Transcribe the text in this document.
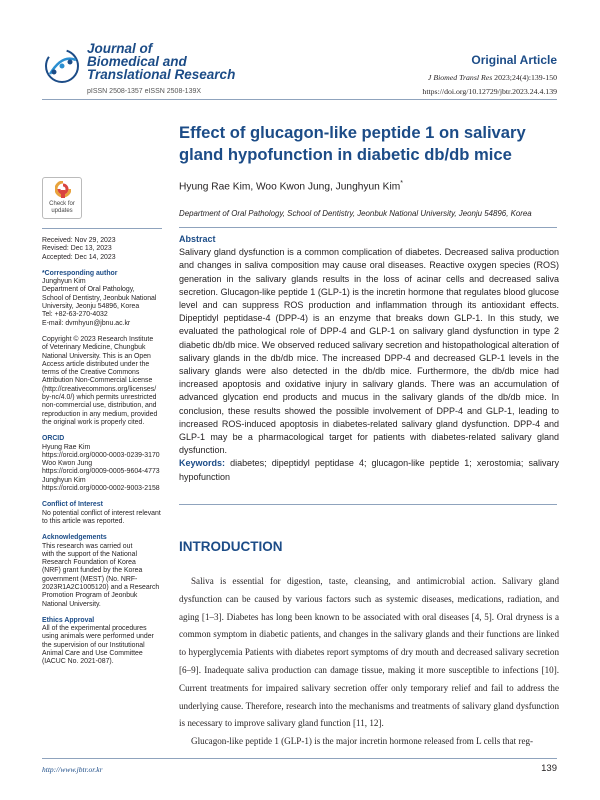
Journal of
Biomedical and
Translational Research
pISSN 2508-1357 eISSN 2508-139X
Original Article
J Biomed Transl Res 2023;24(4):139-150
https://doi.org/10.12729/jbtr.2023.24.4.139
Effect of glucagon-like peptide 1 on salivary gland hypofunction in diabetic db/db mice
Hyung Rae Kim, Woo Kwon Jung, Junghyun Kim*
Department of Oral Pathology, School of Dentistry, Jeonbuk National University, Jeonju 54896, Korea
Check for
updates
Received: Nov 29, 2023
Revised: Dec 13, 2023
Accepted: Dec 14, 2023
*Corresponding author
Junghyun Kim
Department of Oral Pathology,
School of Dentistry, Jeonbuk National
University, Jeonju 54896, Korea
Tel: +82-63-270-4032
E-mail: dvmhyun@jbnu.ac.kr
Copyright © 2023 Research Institute
of Veterinary Medicine, Chungbuk
National University. This is an Open
Access article distributed under the
terms of the Creative Commons
Attribution Non-Commercial License
(http://creativecommons.org/licenses/
by-nc/4.0/) which permits unrestricted
non-commercial use, distribution, and
reproduction in any medium, provided
the original work is properly cited.
ORCID
Hyung Rae Kim
https://orcid.org/0000-0003-0239-3170
Woo Kwon Jung
https://orcid.org/0009-0005-9604-4773
Junghyun Kim
https://orcid.org/0000-0002-9003-2158
Conflict of Interest
No potential conflict of interest relevant
to this article was reported.
Acknowledgements
This research was carried out
with the support of the National
Research Foundation of Korea
(NRF) grant funded by the Korea
government (MEST) (No. NRF-
2023R1A2C1005120) and a Research
Promotion Program of Jeonbuk
National University.
Ethics Approval
All of the experimental procedures
using animals were performed under
the supervision of our Institutional
Animal Care and Use Committee
(IACUC No. 2021-087).
Abstract
Salivary gland dysfunction is a common complication of diabetes. Decreased saliva production and changes in saliva composition may cause oral diseases. Reactive oxygen species (ROS) generation in the salivary glands results in the loss of acinar cells and decreased saliva secretion. Glucagon-like peptide 1 (GLP-1) is the incretin hormone that regulates blood glucose level and can suppress ROS production and inflammation through its antioxidant effects. Dipeptidyl peptidase-4 (DPP-4) is an enzyme that breaks down GLP-1. In this study, we evaluated the pathological role of DPP-4 and GLP-1 on salivary gland dysfunction in type 2 diabetic db/db mice. We observed reduced salivary secretion and histopathological alteration of salivary glands in the db/db mice. The increased DPP-4 and decreased GLP-1 levels in the salivary glands were also detected in the db/db mice. Furthermore, the db/db mice had increased apoptosis and oxidative injury in salivary glands. There was an accumulation of advanced glycation end products and mucus in the salivary glands of the db/db mice. In conclusion, these results showed the possible involvement of DPP-4 and GLP-1, leading to increased ROS-induced apoptosis in diabetes-related salivary gland dysfunction. DPP-4 and GLP-1 may be a pharmacological target for patients with diabetes-related salivary gland dysfunction.
Keywords: diabetes; dipeptidyl peptidase 4; glucagon-like peptide 1; xerostomia; salivary hypofunction
INTRODUCTION

Saliva is essential for digestion, taste, cleansing, and antimicrobial action. Salivary gland dysfunction can be caused by various factors such as systemic diseases, medications, radiation, and aging [1–3]. Diabetes has long been known to be associated with oral diseases [4, 5]. Oral dryness is a common symptom in diabetic patients, and changes in the salivary glands and their functions are linked to hyperglycemia Patients with diabetes report symptoms of dry mouth and decreased salivary secretion [6–9]. Inadequate saliva production can damage tissue, making it more susceptible to infections [10]. Current treatments for impaired salivary secretion offer only temporary relief and fail to address the underlying cause. Therefore, research into the mechanisms and treatments of salivary gland dysfunction is necessary to improve salivary gland function [11, 12].

Glucagon-like peptide 1 (GLP-1) is the major incretin hormone released from L cells that reg-

http://www.jbtr.or.kr	139
